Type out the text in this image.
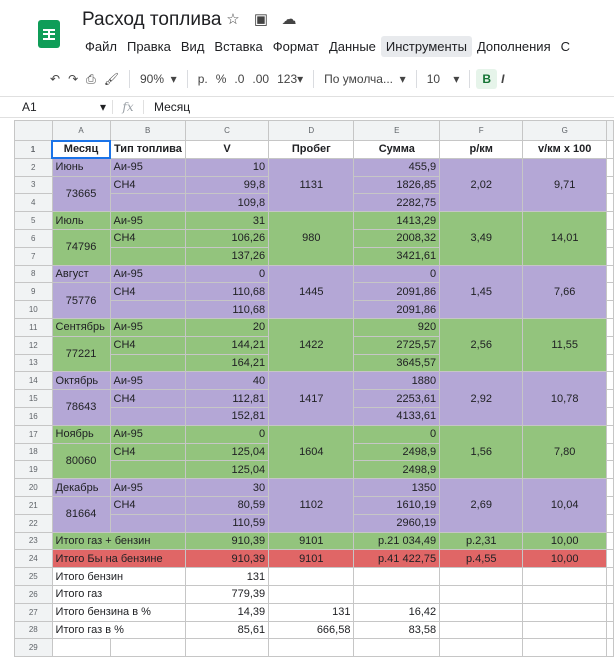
Расход топлива ☆ ▣ ☁
Файл Правка Вид Вставка Формат Данные Инструменты Дополнения С
↶ ↷ ⎙ 🖌	90% ▾	р. % .0 .00 123 ▾	По умолча... ▾	10 ▾	B I
A1	▾	fx	Месяц
	A	B	C	D	E	F	G	
1	Месяц	Тип топлива	V	Пробег	Сумма	р/км	v/км x 100	
2	Июнь	Аи-95	10	1131	455,9	2,02	9,71	
3	73665	CH4	99,8		1826,85			
4			109,8		2282,75			
5	Июль	Аи-95	31	980	1413,29	3,49	14,01	
6	74796	CH4	106,26		2008,32			
7			137,26		3421,61			
8	Август	Аи-95	0	1445	0	1,45	7,66	
9	75776	CH4	110,68		2091,86			
10			110,68		2091,86			
11	Сентябрь	Аи-95	20	1422	920	2,56	11,55	
12	77221	CH4	144,21		2725,57			
13			164,21		3645,57			
14	Октябрь	Аи-95	40	1417	1880	2,92	10,78	
15	78643	CH4	112,81		2253,61			
16			152,81		4133,61			
17	Ноябрь	Аи-95	0	1604	0	1,56	7,80	
18	80060	CH4	125,04		2498,9			
19			125,04		2498,9			
20	Декабрь	Аи-95	30	1102	1350	2,69	10,04	
21	81664	CH4	80,59		1610,19			
22			110,59		2960,19			
23	Итого газ + бензин		910,39	9101	р.21 034,49	р.2,31	10,00	
24	Итого Бы на бензине		910,39	9101	р.41 422,75	р.4,55	10,00	
25	Итого бензин		131					
26	Итого газ		779,39					
27	Итого бензина в %		14,39	131	16,42			
28	Итого газ в %		85,61	666,58	83,58			
29								
